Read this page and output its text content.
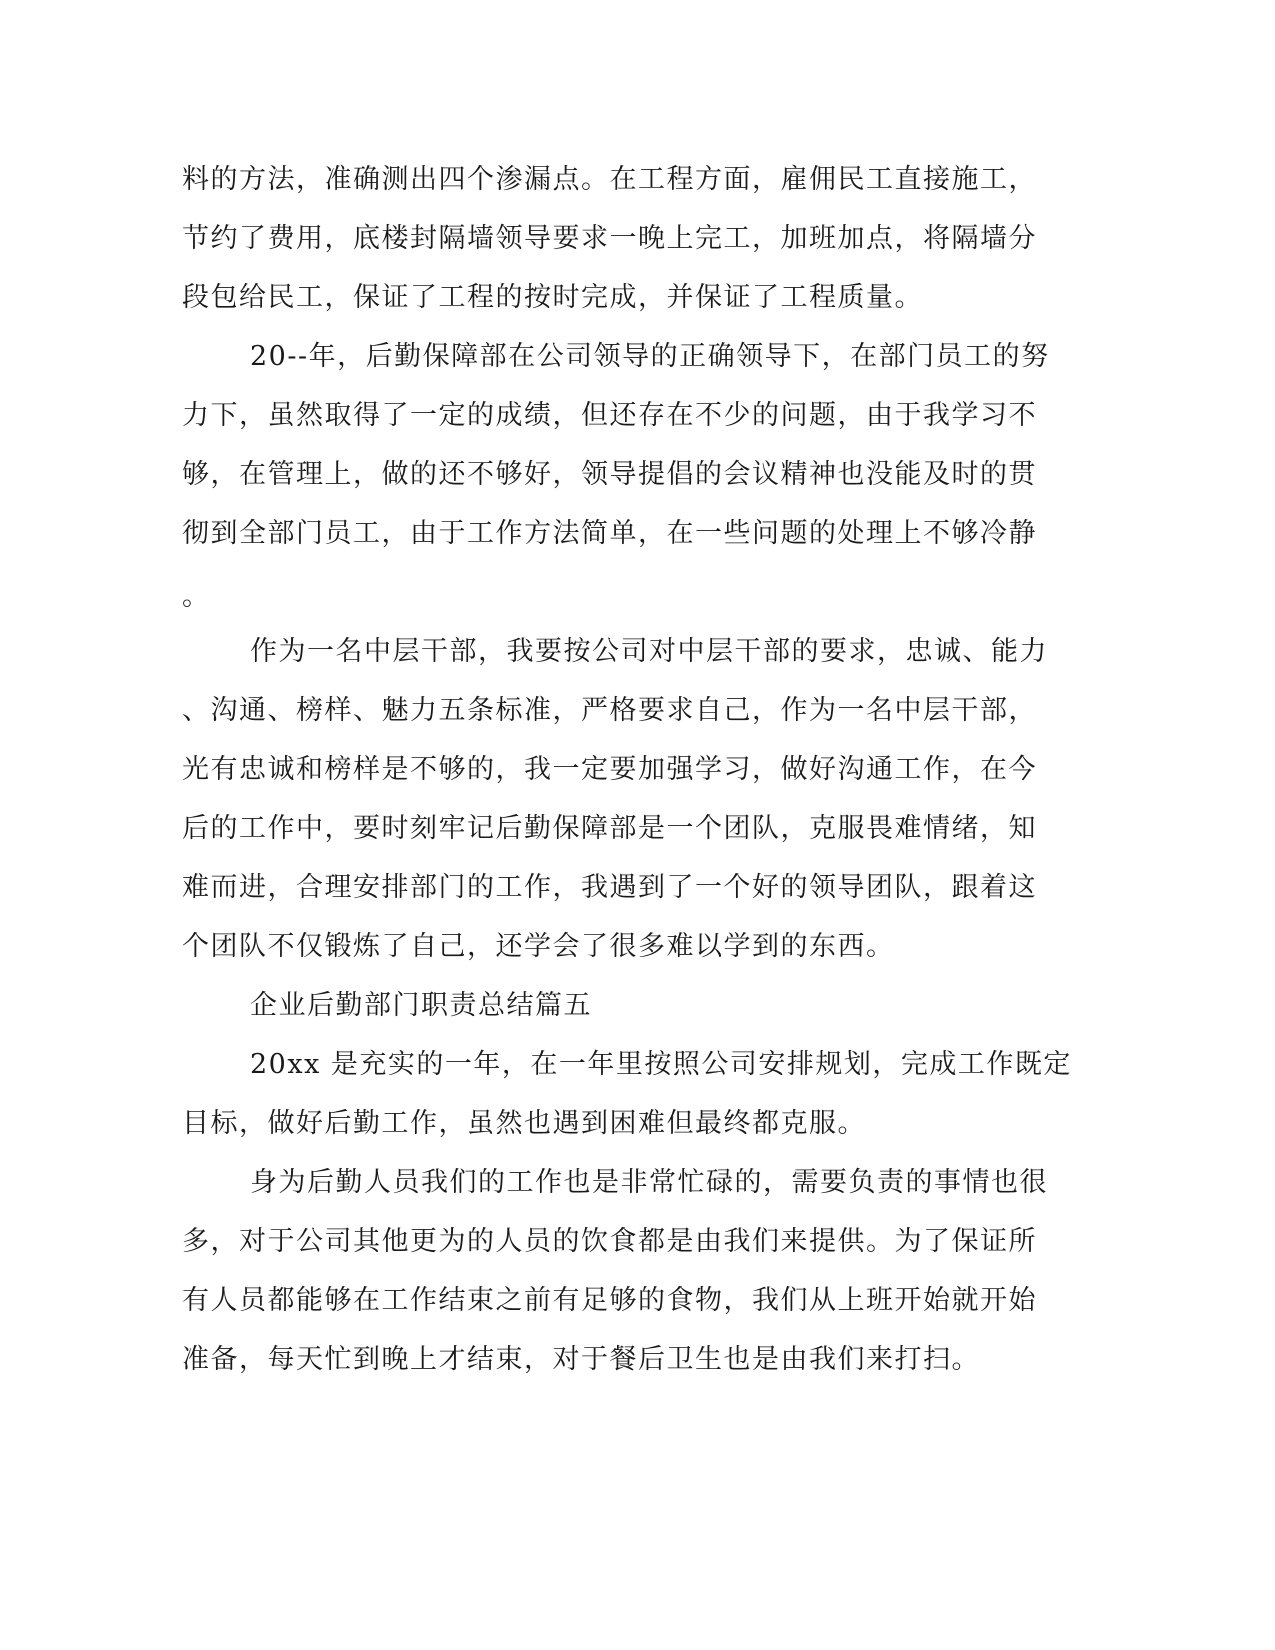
料的方法，准确测出四个渗漏点。在工程方面，雇佣民工直接施工，
节约了费用，底楼封隔墙领导要求一晚上完工，加班加点，将隔墙分
段包给民工，保证了工程的按时完成，并保证了工程质量。
20--年，后勤保障部在公司领导的正确领导下，在部门员工的努
力下，虽然取得了一定的成绩，但还存在不少的问题，由于我学习不
够，在管理上，做的还不够好，领导提倡的会议精神也没能及时的贯
彻到全部门员工，由于工作方法简单，在一些问题的处理上不够冷静
。
作为一名中层干部，我要按公司对中层干部的要求，忠诚、能力
、沟通、榜样、魅力五条标准，严格要求自己，作为一名中层干部，
光有忠诚和榜样是不够的，我一定要加强学习，做好沟通工作，在今
后的工作中，要时刻牢记后勤保障部是一个团队，克服畏难情绪，知
难而进，合理安排部门的工作，我遇到了一个好的领导团队，跟着这
个团队不仅锻炼了自己，还学会了很多难以学到的东西。
企业后勤部门职责总结篇五
20xx 是充实的一年，在一年里按照公司安排规划，完成工作既定
目标，做好后勤工作，虽然也遇到困难但最终都克服。
身为后勤人员我们的工作也是非常忙碌的，需要负责的事情也很
多，对于公司其他更为的人员的饮食都是由我们来提供。为了保证所
有人员都能够在工作结束之前有足够的食物，我们从上班开始就开始
准备，每天忙到晚上才结束，对于餐后卫生也是由我们来打扫。
